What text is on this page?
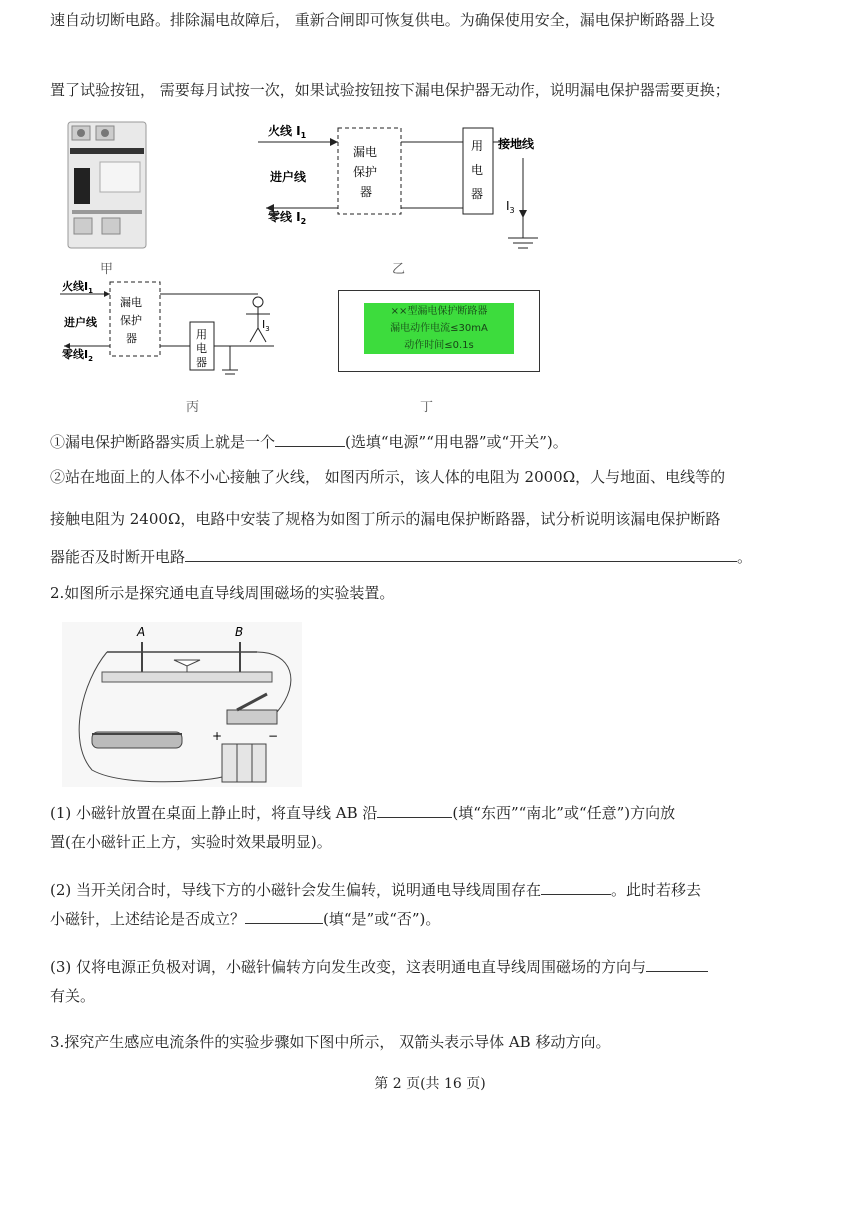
速自动切断电路。排除漏电故障后， 重新合闸即可恢复供电。为确保使用安全，漏电保护断路器上设
置了试验按钮， 需要每月试按一次，如果试验按钮按下漏电保护器无动作，说明漏电保护器需要更换；
甲
火线 $I_1$
进户线
零线 $I_2$
漏电
保护
器
用
电
器
接地线
$I_3$
乙
火线$I_1$
进户线
零线$I_2$
漏电
保护
器	用
电
器
$I_3$
丙
××型漏电保护断路器
漏电动作电流≤30mA
动作时间≤0.1s
丁
①漏电保护断路器实质上就是一个	(选填“电源”“用电器”或“开关”)。
②站在地面上的人体不小心接触了火线， 如图丙所示，该人体的电阻为 2000Ω，人与地面、电线等的
接触电阻为 2400Ω，电路中安装了规格为如图丁所示的漏电保护断路器，试分析说明该漏电保护断路
器能否及时断开电路	。
2.如图所示是探究通电直导线周围磁场的实验装置。
A	B
+	−
(1) 小磁针放置在桌面上静止时，将直导线 AB 沿	(填“东西”“南北”或“任意”)方向放
置(在小磁针正上方，实验时效果最明显)。
(2) 当开关闭合时，导线下方的小磁针会发生偏转，说明通电导线周围存在	。此时若移去
小磁针，上述结论是否成立？	(填“是”或“否”)。
(3) 仅将电源正负极对调，小磁针偏转方向发生改变，这表明通电直导线周围磁场的方向与
有关。
3.探究产生感应电流条件的实验步骤如下图中所示， 双箭头表示导体 AB 移动方向。
第 2 页(共 16 页)
